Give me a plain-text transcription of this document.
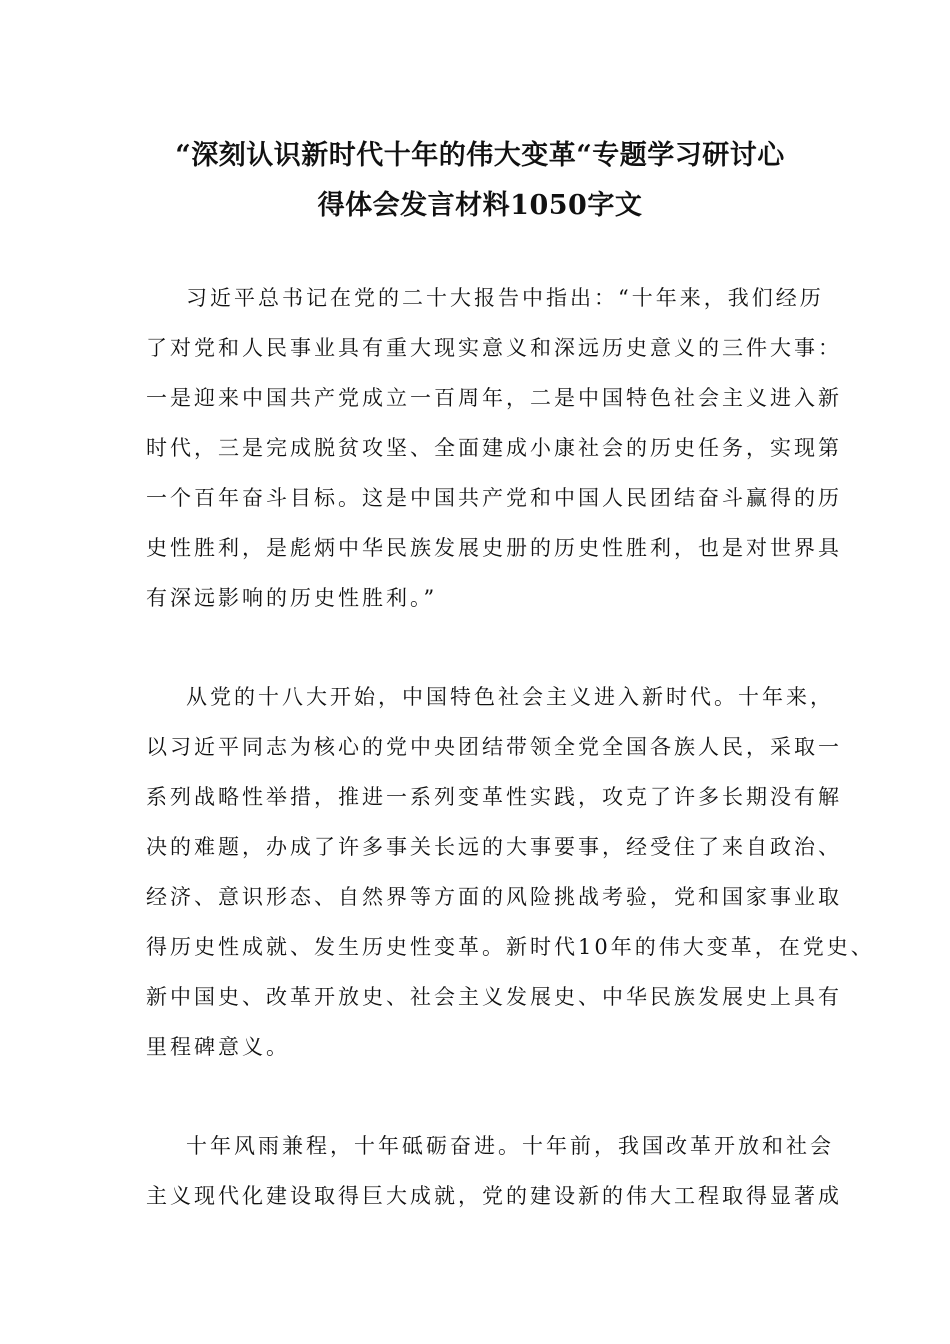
“深刻认识新时代十年的伟大变革“专题学习研讨心
得体会发言材料1050字文

习近平总书记在党的二十大报告中指出：“十年来，我们经历
了对党和人民事业具有重大现实意义和深远历史意义的三件大事：
一是迎来中国共产党成立一百周年，二是中国特色社会主义进入新
时代，三是完成脱贫攻坚、全面建成小康社会的历史任务，实现第
一个百年奋斗目标。这是中国共产党和中国人民团结奋斗赢得的历
史性胜利，是彪炳中华民族发展史册的历史性胜利，也是对世界具
有深远影响的历史性胜利。”

从党的十八大开始，中国特色社会主义进入新时代。十年来，
以习近平同志为核心的党中央团结带领全党全国各族人民，采取一
系列战略性举措，推进一系列变革性实践，攻克了许多长期没有解
决的难题，办成了许多事关长远的大事要事，经受住了来自政治、
经济、意识形态、自然界等方面的风险挑战考验，党和国家事业取
得历史性成就、发生历史性变革。新时代10年的伟大变革，在党史、
新中国史、改革开放史、社会主义发展史、中华民族发展史上具有
里程碑意义。

十年风雨兼程，十年砥砺奋进。十年前，我国改革开放和社会
主义现代化建设取得巨大成就，党的建设新的伟大工程取得显著成
